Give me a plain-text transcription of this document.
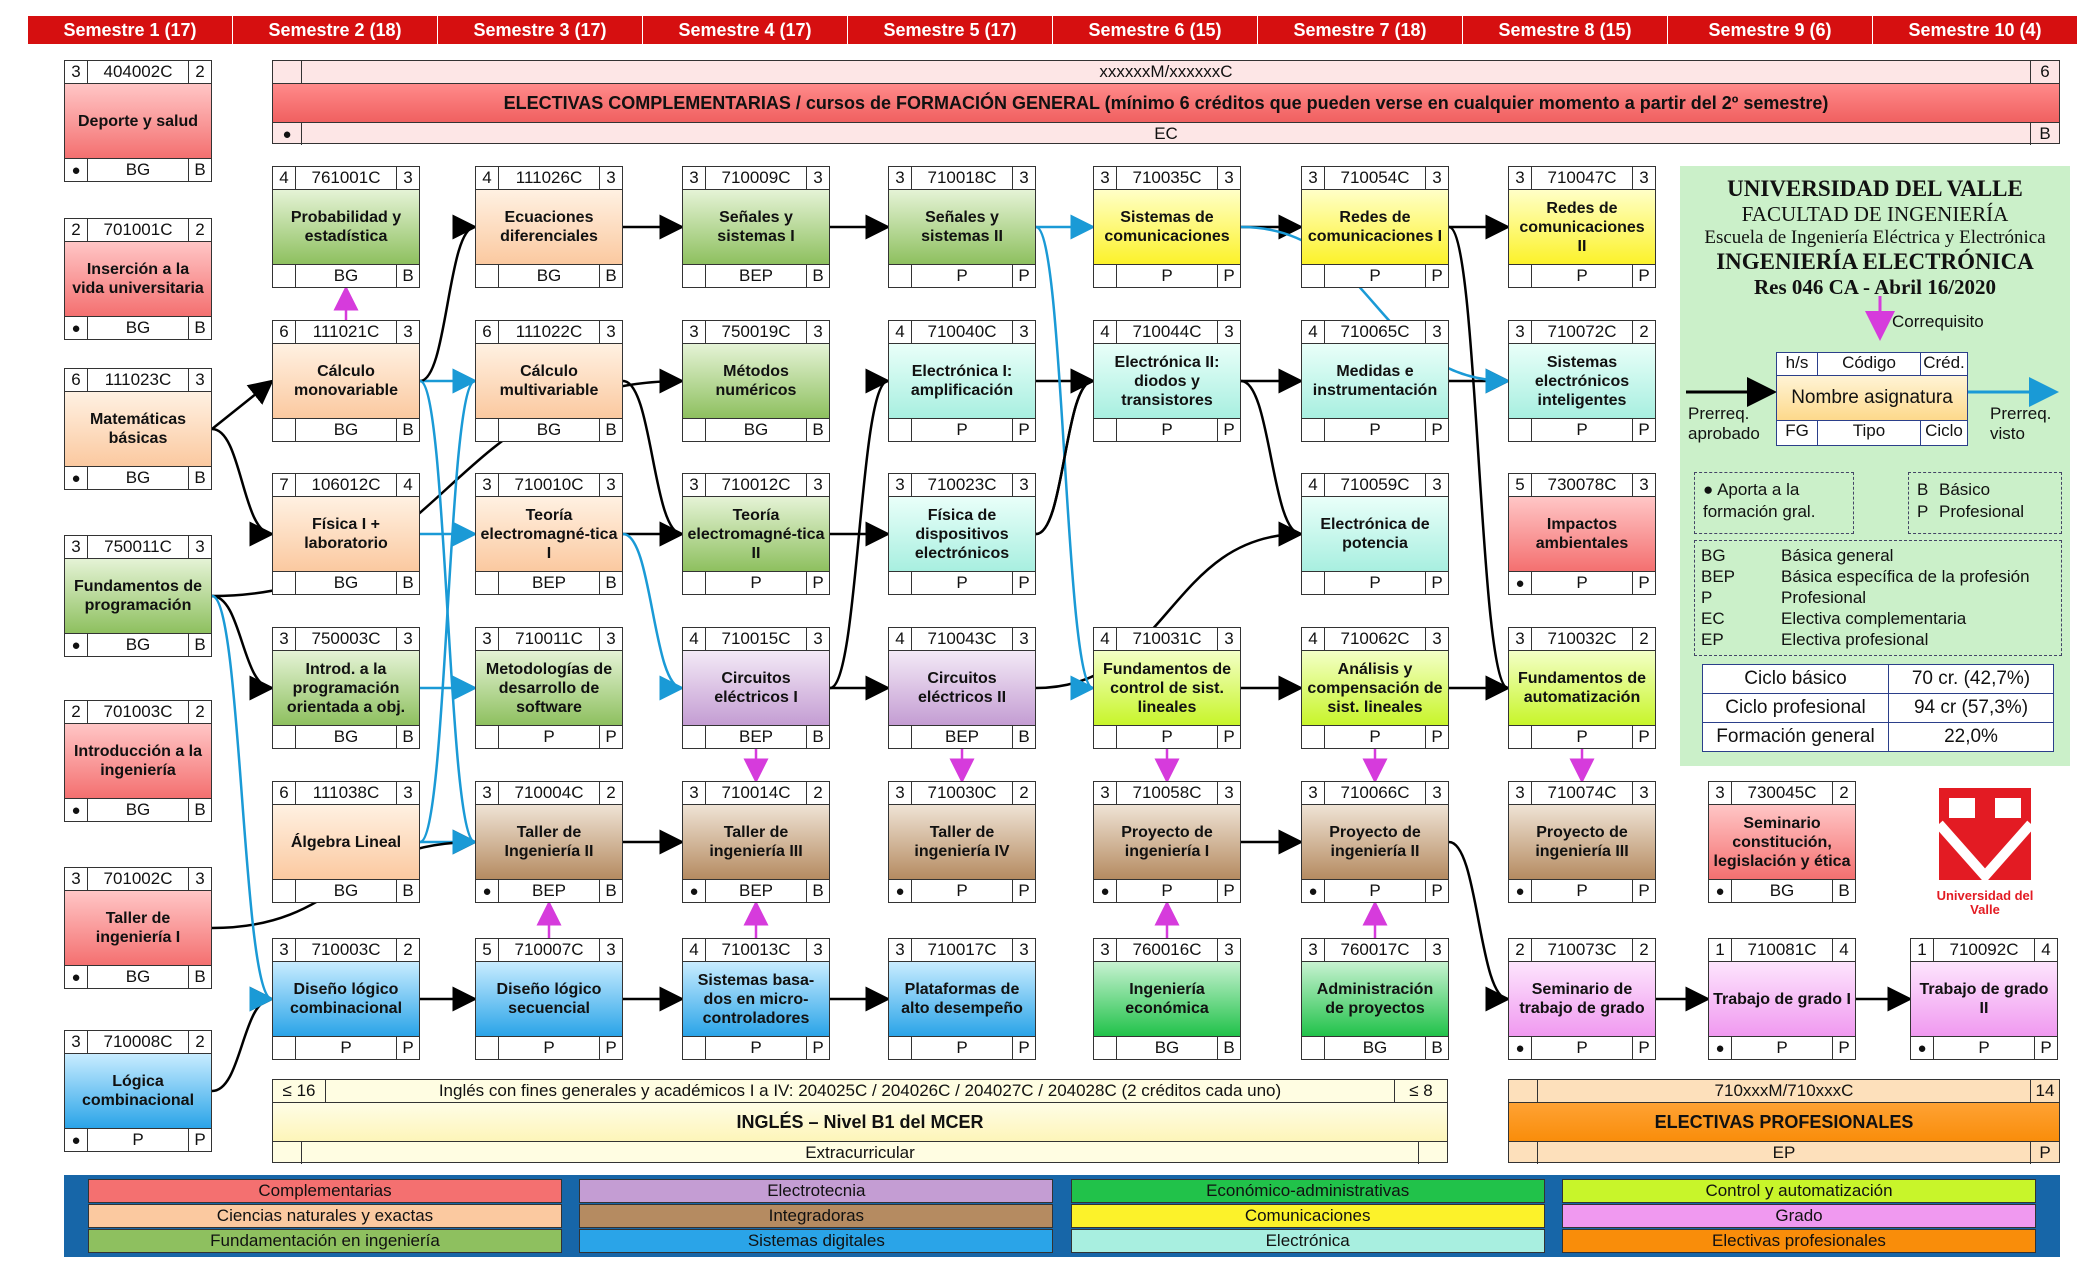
Semestre 1 (17)	Semestre 2 (18)	Semestre 3 (17)	Semestre 4 (17)	Semestre 5 (17)	Semestre 6 (15)	Semestre 7 (18)	Semestre 8 (15)	Semestre 9 (6)	Semestre 10 (4)
xxxxxxM/xxxxxxC	6
ELECTIVAS COMPLEMENTARIAS / cursos de FORMACIÓN GENERAL (mínimo 6 créditos que pueden verse en cualquier momento a partir del 2º semestre)
●	EC	B
3	404002C	2
Deporte y salud
●	BG	B
2	701001C	2
Inserción a la vida universitaria
●	BG	B
6	111023C	3
Matemáticas básicas
●	BG	B
3	750011C	3
Fundamentos de programación
●	BG	B
2	701003C	2
Introducción a la ingeniería
●	BG	B
3	701002C	3
Taller de ingeniería I
●	BG	B
3	710008C	2
Lógica combinacional
●	P	P
4	761001C	3
Probabilidad y estadística
BG	B
6	111021C	3
Cálculo monovariable
BG	B
7	106012C	4
Física I + laboratorio
BG	B
3	750003C	3
Introd. a la programación orientada a obj.
BG	B
6	111038C	3
Álgebra Lineal
BG	B
3	710003C	2
Diseño lógico combinacional
P	P
4	111026C	3
Ecuaciones diferenciales
BG	B
6	111022C	3
Cálculo multivariable
BG	B
3	710010C	3
Teoría electromagné-tica I
BEP	B
3	710011C	3
Metodologías de desarrollo de software
P	P
3	710004C	2
Taller de Ingeniería II
●	BEP	B
5	710007C	3
Diseño lógico secuencial
P	P
3	710009C	3
Señales y sistemas I
BEP	B
3	750019C	3
Métodos numéricos
BG	B
3	710012C	3
Teoría electromagné-tica II
P	P
4	710015C	3
Circuitos eléctricos I
BEP	B
3	710014C	2
Taller de ingeniería III
●	BEP	B
4	710013C	3
Sistemas basa-dos en micro-controladores
P	P
3	710018C	3
Señales y sistemas II
P	P
4	710040C	3
Electrónica I: amplificación
P	P
3	710023C	3
Física de dispositivos electrónicos
P	P
4	710043C	3
Circuitos eléctricos II
BEP	B
3	710030C	2
Taller de ingeniería IV
●	P	P
3	710017C	3
Plataformas de alto desempeño
P	P
3	710035C	3
Sistemas de comunicaciones
P	P
4	710044C	3
Electrónica II: diodos y transistores
P	P
4	710031C	3
Fundamentos de control de sist. lineales
P	P
3	710058C	3
Proyecto de ingeniería I
●	P	P
3	760016C	3
Ingeniería económica
BG	B
3	710054C	3
Redes de comunicaciones I
P	P
4	710065C	3
Medidas e instrumentación
P	P
4	710059C	3
Electrónica de potencia
P	P
4	710062C	3
Análisis y compensación de sist. lineales
P	P
3	710066C	3
Proyecto de ingeniería II
●	P	P
3	760017C	3
Administración de proyectos
BG	B
3	710047C	3
Redes de comunicaciones II
P	P
3	710072C	2
Sistemas electrónicos inteligentes
P	P
5	730078C	3
Impactos ambientales
●	P	P
3	710032C	2
Fundamentos de automatización
P	P
3	710074C	3
Proyecto de ingeniería III
●	P	P
2	710073C	2
Seminario de trabajo de grado
●	P	P
3	730045C	2
Seminario constitución, legislación y ética
●	BG	B
1	710081C	4
Trabajo de grado I
●	P	P
1	710092C	4
Trabajo de grado II
●	P	P
≤ 16	Inglés con fines generales y académicos I a IV: 204025C / 204026C / 204027C / 204028C (2 créditos cada uno)	≤ 8
INGLÉS – Nivel B1 del MCER
Extracurricular
710xxxM/710xxxC	14
ELECTIVAS PROFESIONALES
EP	P
UNIVERSIDAD DEL VALLE
FACULTAD DE INGENIERÍA
Escuela de Ingeniería Eléctrica y Electrónica
INGENIERÍA ELECTRÓNICA
Res 046 CA - Abril 16/2020
Correquisito
h/s	Código	Créd.
Nombre asignatura
FG	Tipo	Ciclo
Prerreq. aprobado
Prerreq. visto
● Aporta a la formación gral.
B Básico
P Profesional
BG	Básica general
BEP	Básica específica de la profesión
P	Profesional
EC	Electiva complementaria
EP	Electiva profesional
Ciclo básico	70 cr. (42,7%)
Ciclo profesional	94 cr (57,3%)
Formación general	22,0%
Universidad del Valle
Complementarias
Ciencias naturales y exactas
Fundamentación en ingeniería
Electrotecnia
Integradoras
Sistemas digitales
Económico-administrativas
Comunicaciones
Electrónica
Control y automatización
Grado
Electivas profesionales
